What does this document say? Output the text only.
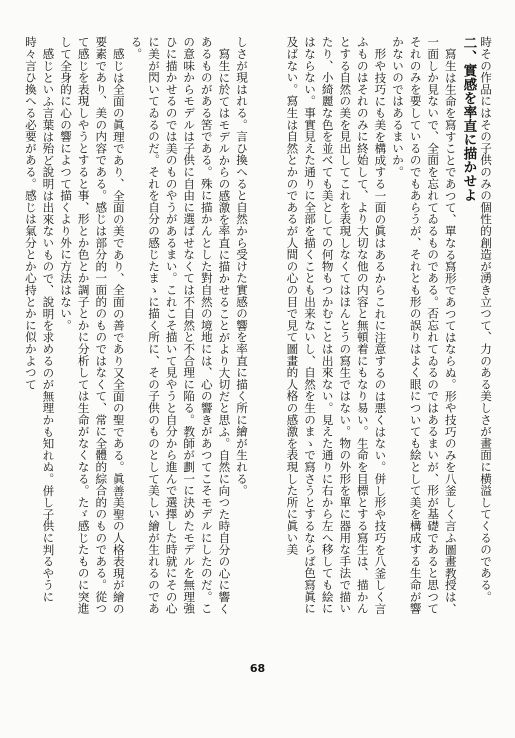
時その作品にはその子供のみの個性的創造が湧き立つて、力のある美しさが畫面に横溢してくるのである。

二、實感を率直に描かせよ

寫生は生命を寫すことであつて、單なる寫形であつてはならぬ。形や技巧のみを八釜しく言ふ圖畫教授は、一面しか見ないで、全面を忘れてゐるものである。否忘れてゐるのではあるまいが、形が基礎であると思つてそれのみを要しているのでもあらうが、それとも形の誤りはよく眼についても絵として美を構成する生命が響かないのではあるまいか。

形や技巧にも美を構成する一面の眞はあるからこれに注意するのは悪くはない。併し形や技巧を八釜しく言ふものはそれのみに終始して、より大切な他の内容と無頓着にもなり易い。生命を目標とする寫生は、描かんとする自然の美を見出してこれを表現しなくてはほんとうの寫生ではない。物の外形を單に器用な手法で描いたり、小綺麗な色を並べても美としての何物もつかむことは出來ない。見えた通りに右から左へ移しても絵にはならない。事實見えた通りに全部を描くことも出来ないし、自然を生のまゝで寫さうとするならば色寫眞に及ばない。寫生は自然とかのであるが人間の心の目で見て圖畫的人格の感激を表現した所に眞い美

しさが現はれる。言ひ換へると自然から受けた實感の響を率直に描く所に繪が生れる。

寫生に於てはモデルからの感激を率直に描かせることがより大切だと思ふ。自然に向つた時自分の心に響くあるものがある筈である。殊に描かんとした對自然の境地には、心の響きがあつてこそモデルにしたのだ。この意味からモデルは子供に自由に選ばせなくては不自然と不合理に陥る。教師が劃一に決めたモデルを無理強ひに描かせるのでは美のものやうがあるまい。これこそ描いて見やうと自分から進んで選擇した時就にその心に美が閃いてゐるのだ。それを自分の感じたまゝに描く所に、その子供のものとして美しい繪が生れるのである。

感じは全面の眞理であり、全面の美であり、全面の善であり又全面の聖である。眞善美聖の人格表現が繪の要素であり、美の内容である。感じは部分的一面的のものではなくて、常に全體的綜合的のものである。從つて感じを表現しやうとすると事、形とか色とか調子とかに分析しては生命がなくなる。たゞ感じたものに突進して全身的に心の響によつて描くより外に方法はない。

感じといふ言葉は殆ど說明は出來ないもので、說明を求めるのが無理かも知れぬ。併し子供に判るやうに時々言ひ換へる必要がある。感じは氣分とか心持とかに似かよつて

68
